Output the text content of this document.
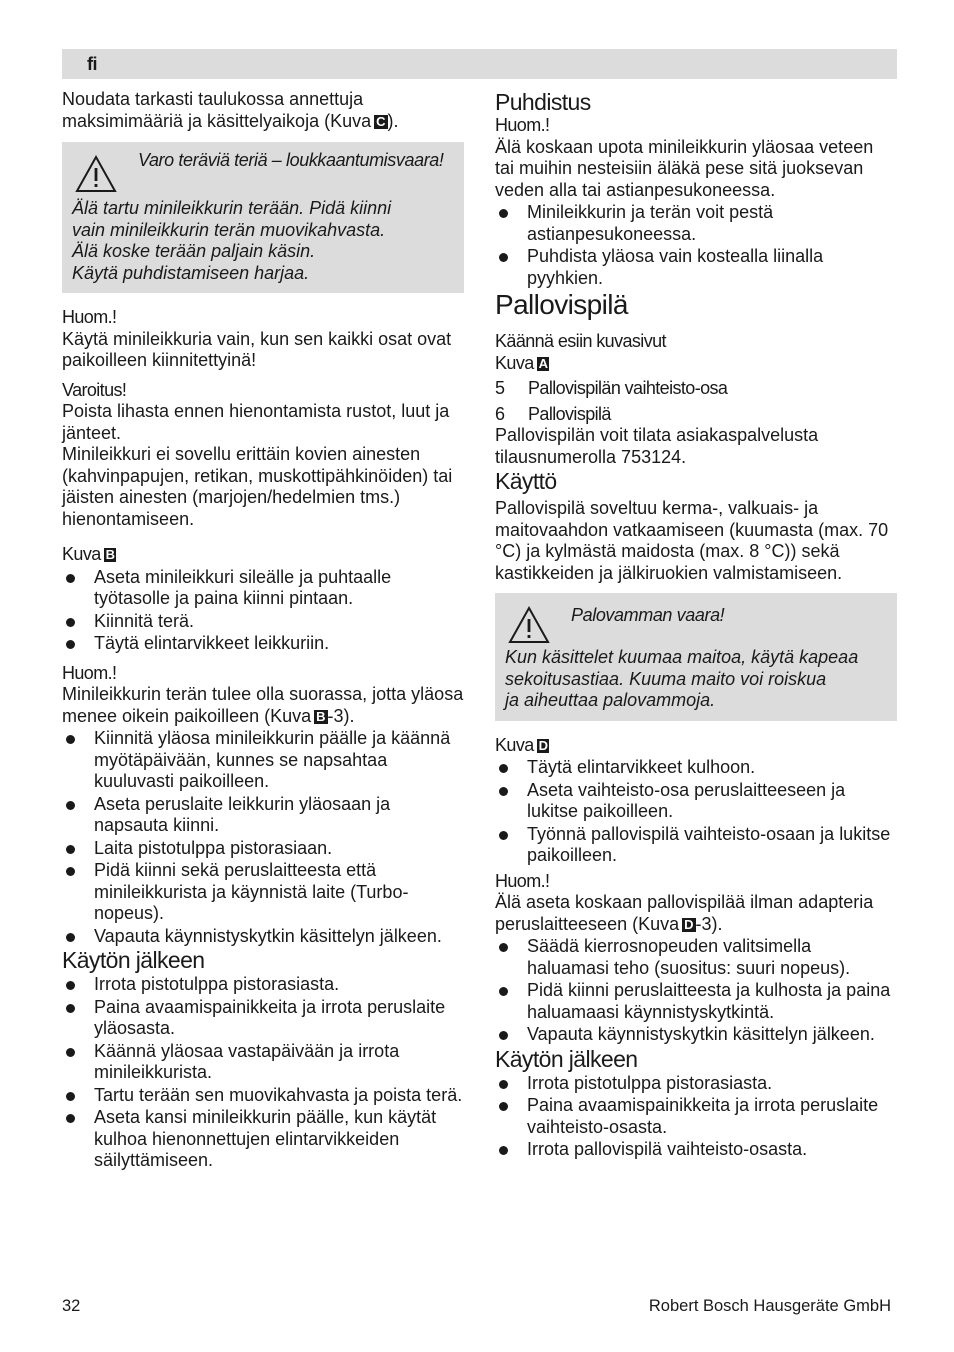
fi

Noudata tarkasti taulukossa annettuja maksimimääriä ja käsittelyaikoja (Kuva C ).

Varo teräviä teriä – loukkaantumisvaara!
Älä tartu minileikkurin terään. Pidä kiinni
vain minileikkurin terän muovikahvasta.
Älä koske terään paljain käsin.
Käytä puhdistamiseen harjaa.

Huom.!

Käytä minileikkuria vain, kun sen kaikki osat ovat paikoilleen kiinnitettyinä!

Varoitus!

Poista lihasta ennen hienontamista rustot, luut ja jänteet.

Minileikkuri ei sovellu erittäin kovien ainesten (kahvinpapujen, retikan, muskottipähkinöiden) tai jäisten ainesten (marjojen/hedelmien tms.) hienontamiseen.

Kuva B

Aseta minileikkuri sileälle ja puhtaalle työtasolle ja paina kiinni pintaan.
Kiinnitä terä.
Täytä elintarvikkeet leikkuriin.

Huom.!

Minileikkurin terän tulee olla suorassa, jotta yläosa menee oikein paikoilleen (Kuva B -3).

Kiinnitä yläosa minileikkurin päälle ja käännä myötäpäivään, kunnes se napsahtaa kuuluvasti paikoilleen.
Aseta peruslaite leikkurin yläosaan ja napsauta kiinni.
Laita pistotulppa pistorasiaan.
Pidä kiinni sekä peruslaitteesta että minileikkurista ja käynnistä laite (Turbo-nopeus).
Vapauta käynnistyskytkin käsittelyn jälkeen.
Käytön jälkeen
Irrota pistotulppa pistorasiasta.
Paina avaamispainikkeita ja irrota peruslaite yläosasta.
Käännä yläosaa vastapäivään ja irrota minileikkurista.
Tartu terään sen muovikahvasta ja poista terä.
Aseta kansi minileikkurin päälle, kun käytät kulhoa hienonnettujen elintarvikkeiden säilyttämiseen.
Puhdistus

Huom.!

Älä koskaan upota minileikkurin yläosaa veteen tai muihin nesteisiin äläkä pese sitä juoksevan veden alla tai astianpesukoneessa.

Minileikkurin ja terän voit pestä astianpesukoneessa.
Puhdista yläosa vain kostealla liinalla pyyhkien.
Pallovispilä

Käännä esiin kuvasivut

Kuva A

5 Pallovispilän vaihteisto-osa
6 Pallovispilä

Pallovispilän voit tilata asiakaspalvelusta tilausnumerolla 753124.

Käyttö

Pallovispilä soveltuu kerma-, valkuais- ja maitovaahdon vatkaamiseen (kuumasta (max. 70 °C) ja kylmästä maidosta (max. 8 °C)) sekä kastikkeiden ja jälkiruokien valmistamiseen.

Palovamman vaara!
Kun käsittelet kuumaa maitoa, käytä kapeaa
sekoitusastiaa. Kuuma maito voi roiskua
ja aiheuttaa palovammoja.

Kuva D

Täytä elintarvikkeet kulhoon.
Aseta vaihteisto-osa peruslaitteeseen ja lukitse paikoilleen.
Työnnä pallovispilä vaihteisto-osaan ja lukitse paikoilleen.

Huom.!

Älä aseta koskaan pallovispilää ilman adapteria peruslaitteeseen (Kuva D -3).

Säädä kierrosnopeuden valitsimella haluamasi teho (suositus: suuri nopeus).
Pidä kiinni peruslaitteesta ja kulhosta ja paina haluamaasi käynnistyskytkintä.
Vapauta käynnistyskytkin käsittelyn jälkeen.
Käytön jälkeen
Irrota pistotulppa pistorasiasta.
Paina avaamispainikkeita ja irrota peruslaite vaihteisto-osasta.
Irrota pallovispilä vaihteisto-osasta.
32	Robert Bosch Hausgeräte GmbH
